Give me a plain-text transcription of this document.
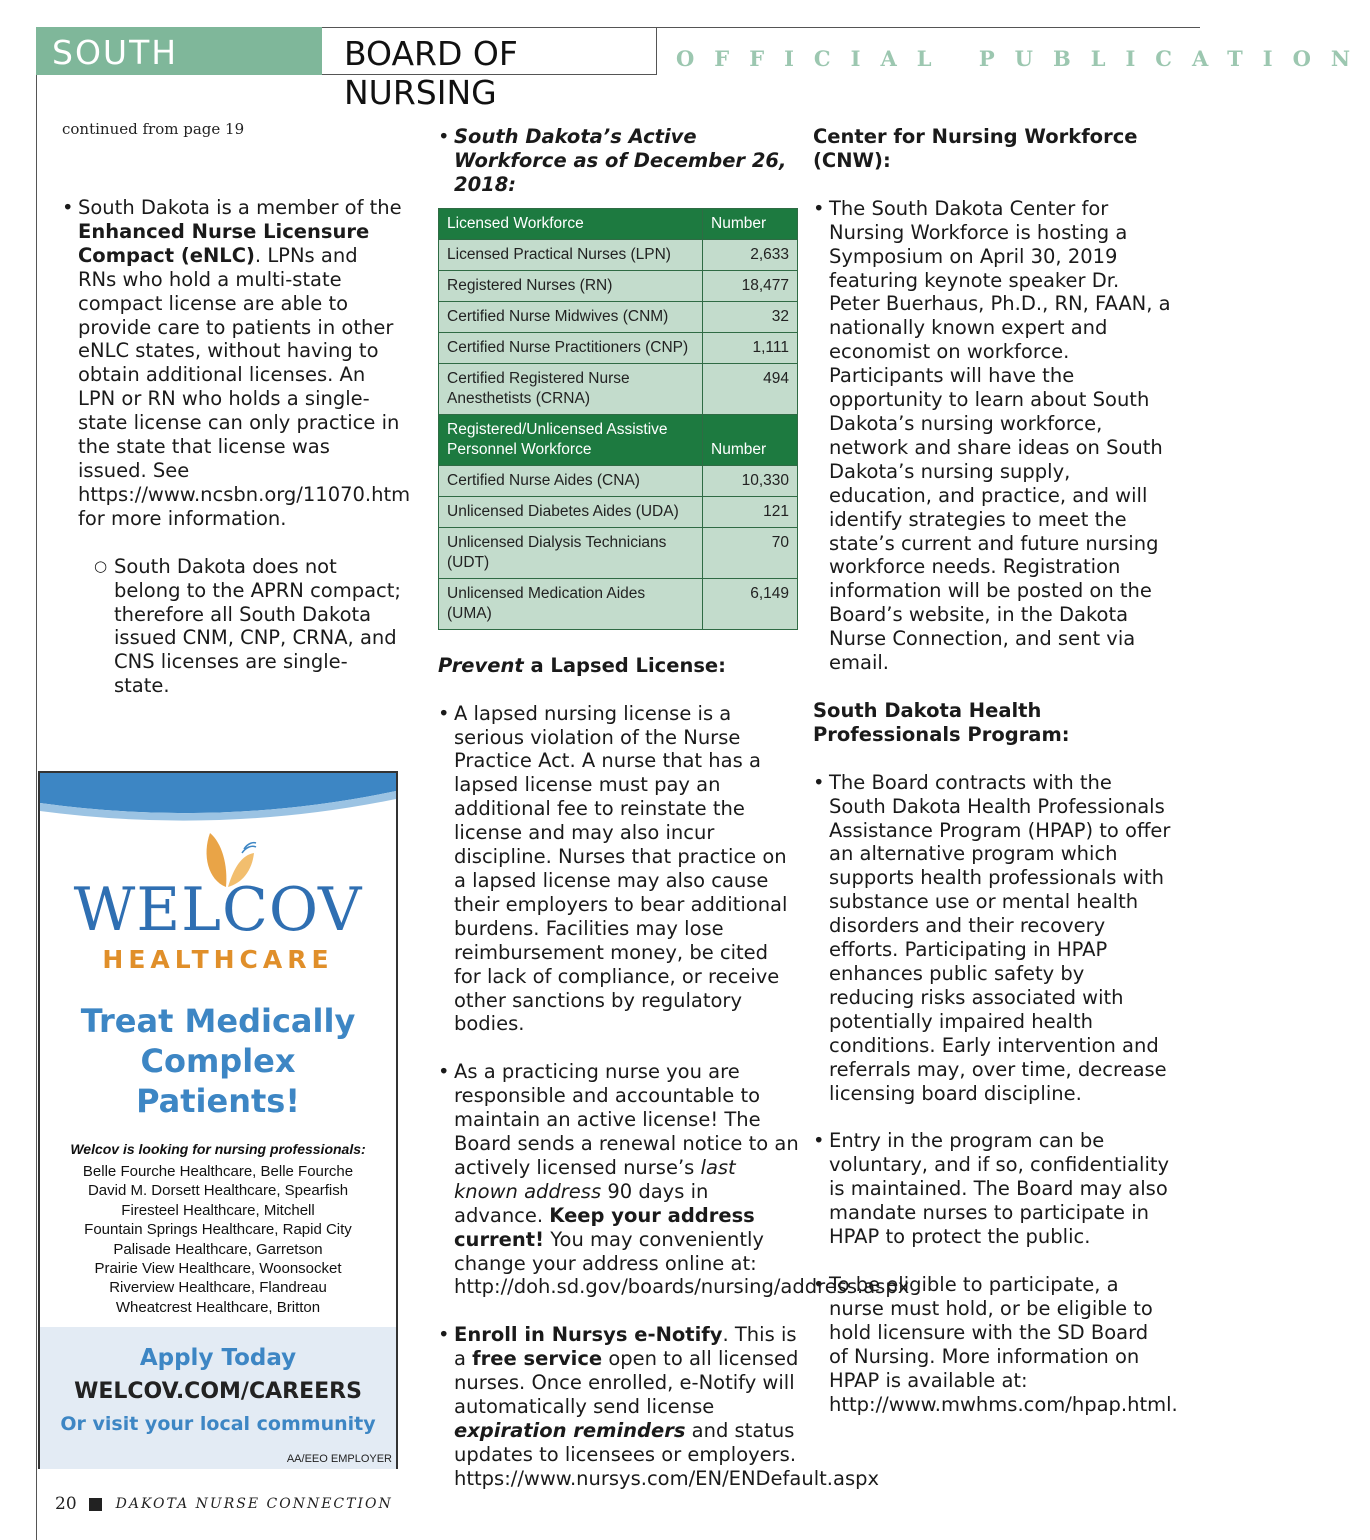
SOUTH DAKOTA
BOARD OF NURSING
OFFICIAL PUBLICATION
continued from page 19

• South Dakota is a member of the Enhanced Nurse Licensure Compact (eNLC). LPNs and RNs who hold a multi-state compact license are able to provide care to patients in other eNLC states, without having to obtain additional licenses. An LPN or RN who holds a single-state license can only practice in the state that license was issued. See https://www.ncsbn.org/11070.htm for more information.

○ South Dakota does not belong to the APRN compact; therefore all South Dakota issued CNM, CNP, CRNA, and CNS licenses are single-state.

• South Dakota’s Active Workforce as of December 26, 2018:

Licensed Workforce	Number
Licensed Practical Nurses (LPN)	2,633
Registered Nurses (RN)	18,477
Certified Nurse Midwives (CNM)	32
Certified Nurse Practitioners (CNP)	1,111
Certified Registered Nurse Anesthetists (CRNA)	494
Registered/Unlicensed Assistive Personnel Workforce	Number
Certified Nurse Aides (CNA)	10,330
Unlicensed Diabetes Aides (UDA)	121
Unlicensed Dialysis Technicians (UDT)	70
Unlicensed Medication Aides (UMA)	6,149

Prevent a Lapsed License:

• A lapsed nursing license is a serious violation of the Nurse Practice Act. A nurse that has a lapsed license must pay an additional fee to reinstate the license and may also incur discipline. Nurses that practice on a lapsed license may also cause their employers to bear additional burdens. Facilities may lose reimbursement money, be cited for lack of compliance, or receive other sanctions by regulatory bodies.

• As a practicing nurse you are responsible and accountable to maintain an active license! The Board sends a renewal notice to an actively licensed nurse’s last known address 90 days in advance. Keep your address current! You may conveniently change your address online at: http://doh.sd.gov/boards/nursing/address.aspx

• Enroll in Nursys e-Notify. This is a free service open to all licensed nurses. Once enrolled, e-Notify will automatically send license expiration reminders and status updates to licensees or employers. https://www.nursys.com/EN/ENDefault.aspx

Center for Nursing Workforce (CNW):

• The South Dakota Center for Nursing Workforce is hosting a Symposium on April 30, 2019 featuring keynote speaker Dr. Peter Buerhaus, Ph.D., RN, FAAN, a nationally known expert and economist on workforce. Participants will have the opportunity to learn about South Dakota’s nursing workforce, network and share ideas on South Dakota’s nursing supply, education, and practice, and will identify strategies to meet the state’s current and future nursing workforce needs. Registration information will be posted on the Board’s website, in the Dakota Nurse Connection, and sent via email.

South Dakota Health Professionals Program:

• The Board contracts with the South Dakota Health Professionals Assistance Program (HPAP) to offer an alternative program which supports health professionals with substance use or mental health disorders and their recovery efforts. Participating in HPAP enhances public safety by reducing risks associated with potentially impaired health conditions. Early intervention and referrals may, over time, decrease licensing board discipline.

• Entry in the program can be voluntary, and if so, confidentiality is maintained. The Board may also mandate nurses to participate in HPAP to protect the public.

• To be eligible to participate, a nurse must hold, or be eligible to hold licensure with the SD Board of Nursing. More information on HPAP is available at: http://www.mwhms.com/hpap.html.

WELCOV
HEALTHCARE
Treat Medically
Complex
Patients!
Welcov is looking for nursing professionals:
Belle Fourche Healthcare, Belle Fourche
David M. Dorsett Healthcare, Spearfish
Firesteel Healthcare, Mitchell
Fountain Springs Healthcare, Rapid City
Palisade Healthcare, Garretson
Prairie View Healthcare, Woonsocket
Riverview Healthcare, Flandreau
Wheatcrest Healthcare, Britton
Apply Today
WELCOV.COM/CAREERS
Or visit your local community
AA/EEO EMPLOYER
20	DAKOTA NURSE CONNECTION
